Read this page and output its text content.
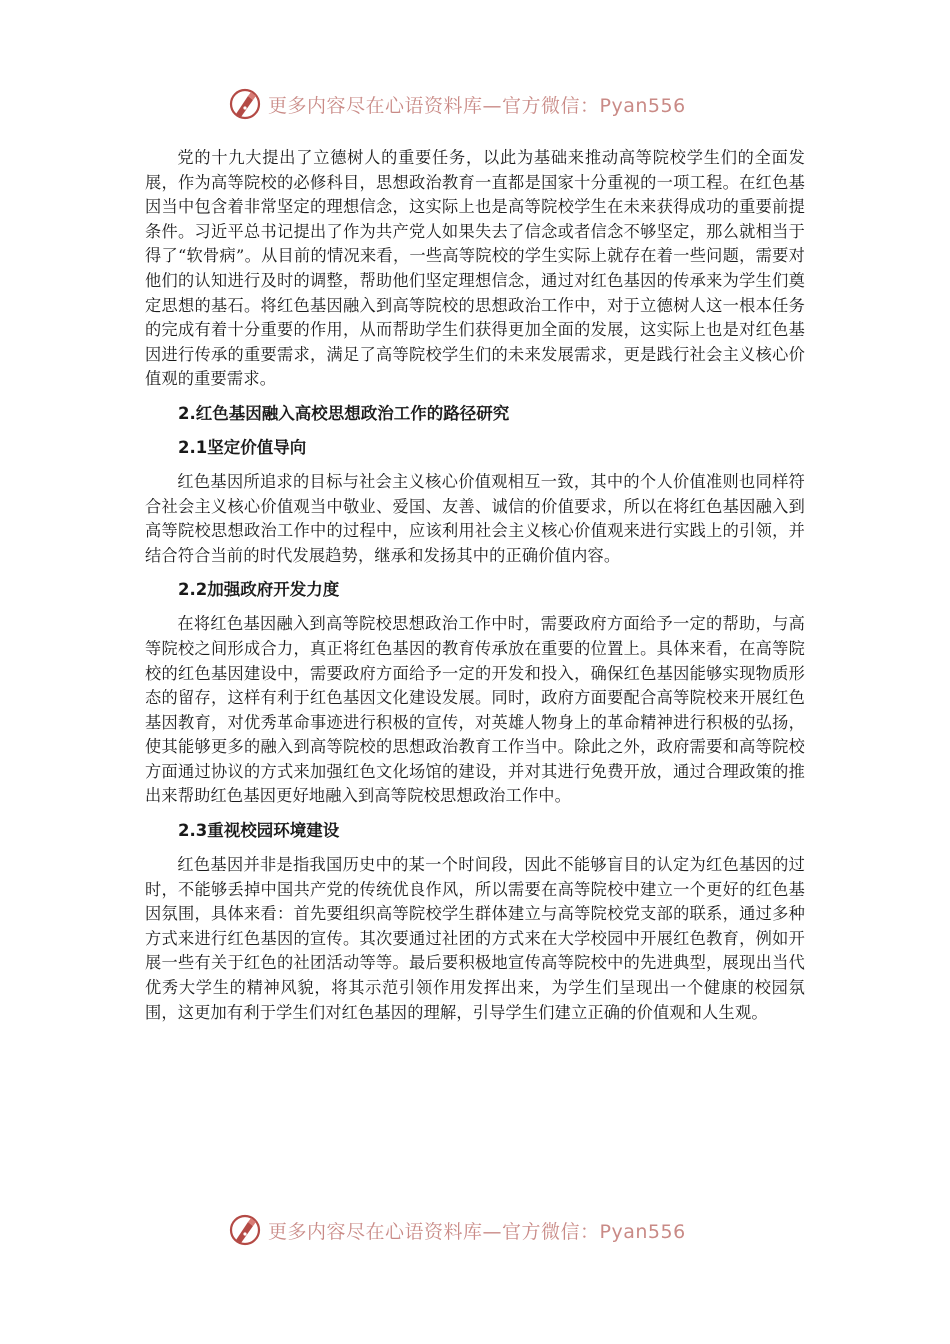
更多内容尽在心语资料库—官方微信：Pyan556

党的十九大提出了立德树人的重要任务，以此为基础来推动高等院校学生们的全面发展，作为高等院校的必修科目，思想政治教育一直都是国家十分重视的一项工程。在红色基因当中包含着非常坚定的理想信念，这实际上也是高等院校学生在未来获得成功的重要前提条件。习近平总书记提出了作为共产党人如果失去了信念或者信念不够坚定，那么就相当于得了“软骨病”。从目前的情况来看，一些高等院校的学生实际上就存在着一些问题，需要对他们的认知进行及时的调整，帮助他们坚定理想信念，通过对红色基因的传承来为学生们奠定思想的基石。将红色基因融入到高等院校的思想政治工作中，对于立德树人这一根本任务的完成有着十分重要的作用，从而帮助学生们获得更加全面的发展，这实际上也是对红色基因进行传承的重要需求，满足了高等院校学生们的未来发展需求，更是践行社会主义核心价值观的重要需求。

2.红色基因融入高校思想政治工作的路径研究
2.1坚定价值导向

红色基因所追求的目标与社会主义核心价值观相互一致，其中的个人价值准则也同样符合社会主义核心价值观当中敬业、爱国、友善、诚信的价值要求，所以在将红色基因融入到高等院校思想政治工作中的过程中，应该利用社会主义核心价值观来进行实践上的引领，并结合符合当前的时代发展趋势，继承和发扬其中的正确价值内容。

2.2加强政府开发力度

在将红色基因融入到高等院校思想政治工作中时，需要政府方面给予一定的帮助，与高等院校之间形成合力，真正将红色基因的教育传承放在重要的位置上。具体来看，在高等院校的红色基因建设中，需要政府方面给予一定的开发和投入，确保红色基因能够实现物质形态的留存，这样有利于红色基因文化建设发展。同时，政府方面要配合高等院校来开展红色基因教育，对优秀革命事迹进行积极的宣传，对英雄人物身上的革命精神进行积极的弘扬，使其能够更多的融入到高等院校的思想政治教育工作当中。除此之外，政府需要和高等院校方面通过协议的方式来加强红色文化场馆的建设，并对其进行免费开放，通过合理政策的推出来帮助红色基因更好地融入到高等院校思想政治工作中。

2.3重视校园环境建设

红色基因并非是指我国历史中的某一个时间段，因此不能够盲目的认定为红色基因的过时，不能够丢掉中国共产党的传统优良作风，所以需要在高等院校中建立一个更好的红色基因氛围，具体来看：首先要组织高等院校学生群体建立与高等院校党支部的联系，通过多种方式来进行红色基因的宣传。其次要通过社团的方式来在大学校园中开展红色教育，例如开展一些有关于红色的社团活动等等。最后要积极地宣传高等院校中的先进典型，展现出当代优秀大学生的精神风貌，将其示范引领作用发挥出来，为学生们呈现出一个健康的校园氛围，这更加有利于学生们对红色基因的理解，引导学生们建立正确的价值观和人生观。

更多内容尽在心语资料库—官方微信：Pyan556
